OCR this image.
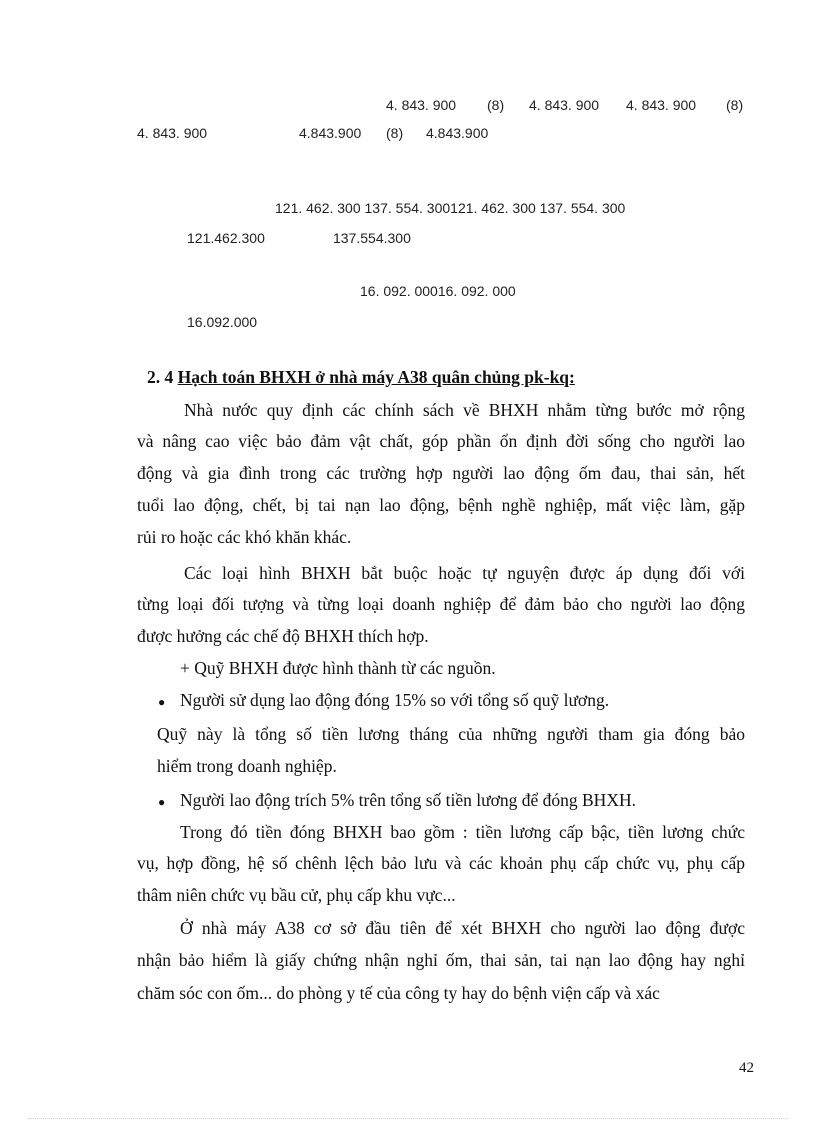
4. 843. 900 (8) 4. 843. 900 4. 843. 900 (8)
4. 843. 900	4.843.900 (8) 4.843.900
121. 462. 300 137. 554. 300121. 462. 300 137. 554. 300
121.462.300	137.554.300
16. 092. 00016. 092. 000
16.092.000
2. 4 Hạch toán BHXH ở nhà máy A38 quân chủng pk-kq:
Nhà nước quy định các chính sách về BHXH nhằm từng bước mở rộng
và nâng cao việc bảo đảm vật chất, góp phần ổn định đời sống cho người lao
động và gia đình trong các trường hợp người lao động ốm đau, thai sản, hết
tuổi lao động, chết, bị tai nạn lao động, bệnh nghề nghiệp, mất việc làm, gặp
rủi ro hoặc các khó khăn khác.
Các loại hình BHXH bắt buộc hoặc tự nguyện được áp dụng đối với
từng loại đối tượng và từng loại doanh nghiệp để đảm bảo cho người lao động
được hưởng các chế độ BHXH thích hợp.
+ Quỹ BHXH được hình thành từ các nguồn.
● Người sử dụng lao động đóng 15% so với tổng số quỹ lương.
Quỹ này là tổng số tiền lương tháng của những người tham gia đóng bảo
hiểm trong doanh nghiệp.
● Người lao động trích 5% trên tổng số tiền lương để đóng BHXH.
Trong đó tiền đóng BHXH bao gồm : tiền lương cấp bậc, tiền lương chức
vụ, hợp đồng, hệ số chênh lệch bảo lưu và các khoản phụ cấp chức vụ, phụ cấp
thâm niên chức vụ bầu cử, phụ cấp khu vực...
Ở nhà máy A38 cơ sở đầu tiên để xét BHXH cho người lao động được
nhận bảo hiểm là giấy chứng nhận nghỉ ốm, thai sản, tai nạn lao động hay nghỉ
chăm sóc con ốm... do phòng y tế của công ty hay do bệnh viện cấp và xác
42
